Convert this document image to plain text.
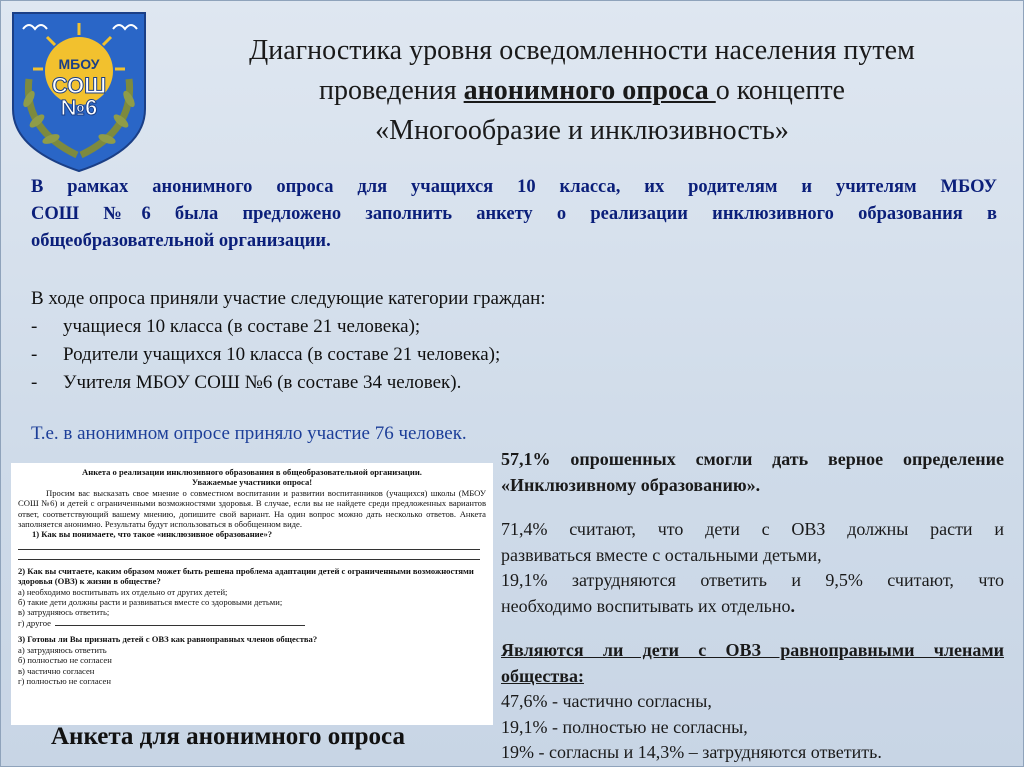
МБОУ
СОШ
№6
Диагностика уровня осведомленности населения путем
проведения анонимного опроса о концепте
«Многообразие и инклюзивность»
В рамках анонимного опроса для учащихся 10 класса, их родителям и учителям МБОУ
СОШ №6 была предложено заполнить анкету о реализации инклюзивного образования в
общеобразовательной организации.
В ходе опроса приняли участие следующие категории граждан:
-	учащиеся 10 класса (в составе 21 человека);
-	Родители учащихся 10 класса (в составе 21 человека);
-	Учителя МБОУ СОШ №6 (в составе 34 человек).
Т.е. в анонимном опросе приняло участие 76 человек.
Анкета о реализации инклюзивного образования в общеобразовательной организации.
Уважаемые участники опроса!
Просим вас высказать свое мнение о совместном воспитании и развитии воспитанников (учащихся) школы (МБОУ СОШ №6) и детей с ограниченными возможностями здоровья. В случае, если вы не найдете среди предложенных вариантов ответ, соответствующий вашему мнению, допишите свой вариант. На один вопрос можно дать несколько ответов. Анкета заполняется анонимно. Результаты будут использоваться в обобщенном виде.
1) Как вы понимаете, что такое «инклюзивное образование»?
2) Как вы считаете, каким образом может быть решена проблема адаптации детей с ограниченными возможностями здоровья (ОВЗ) к жизни в обществе?
а) необходимо воспитывать их отдельно от других детей;
б) такие дети должны расти и развиваться вместе со здоровыми детьми;
в) затрудняюсь ответить;
г) другое
3) Готовы ли Вы признать детей с ОВЗ как равноправных членов общества?
а) затрудняюсь ответить
б) полностью не согласен
в) частично согласен
г) полностью не согласен
Анкета для анонимного опроса
57,1% опрошенных смогли дать верное определение
«Инклюзивному образованию».
71,4% считают, что дети с ОВЗ должны расти и
развиваться вместе с остальными детьми,
19,1% затрудняются ответить и 9,5% считают, что
необходимо воспитывать их отдельно.
Являются ли дети с ОВЗ равноправными членами
общества:
47,6% - частично согласны,
19,1% - полностью не согласны,
19% - согласны и 14,3% – затрудняются ответить.
